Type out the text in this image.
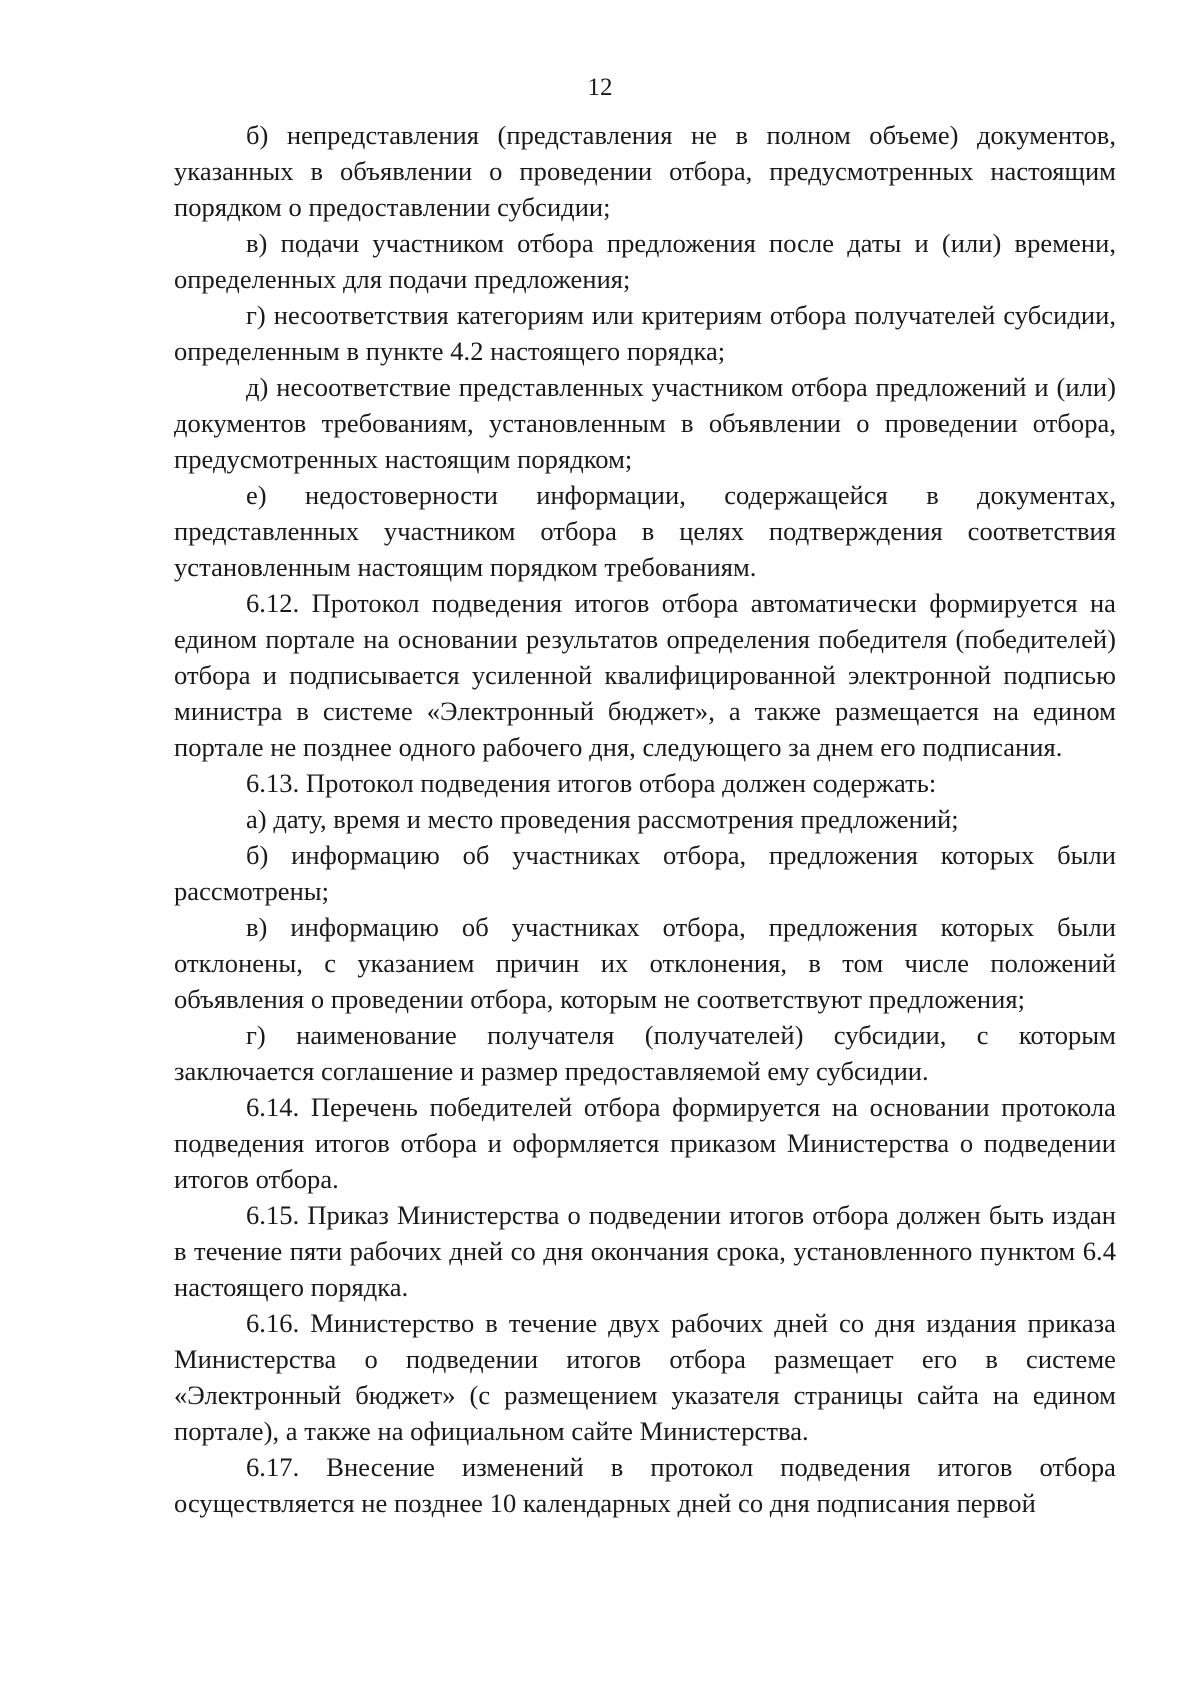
12

б) непредставления (представления не в полном объеме) документов, указанных в объявлении о проведении отбора, предусмотренных настоящим порядком о предоставлении субсидии;

в) подачи участником отбора предложения после даты и (или) времени, определенных для подачи предложения;

г) несоответствия категориям или критериям отбора получателей субсидии, определенным в пункте 4.2 настоящего порядка;

д) несоответствие представленных участником отбора предложений и (или) документов требованиям, установленным в объявлении о проведении отбора, предусмотренных настоящим порядком;

е) недостоверности информации, содержащейся в документах, представленных участником отбора в целях подтверждения соответствия установленным настоящим порядком требованиям.

6.12. Протокол подведения итогов отбора автоматически формируется на едином портале на основании результатов определения победителя (победителей) отбора и подписывается усиленной квалифицированной электронной подписью министра в системе «Электронный бюджет», а также размещается на едином портале не позднее одного рабочего дня, следующего за днем его подписания.

6.13. Протокол подведения итогов отбора должен содержать:

а) дату, время и место проведения рассмотрения предложений;

б) информацию об участниках отбора, предложения которых были рассмотрены;

в) информацию об участниках отбора, предложения которых были отклонены, с указанием причин их отклонения, в том числе положений объявления о проведении отбора, которым не соответствуют предложения;

г) наименование получателя (получателей) субсидии, с которым заключается соглашение и размер предоставляемой ему субсидии.

6.14. Перечень победителей отбора формируется на основании протокола подведения итогов отбора и оформляется приказом Министерства о подведении итогов отбора.

6.15. Приказ Министерства о подведении итогов отбора должен быть издан в течение пяти рабочих дней со дня окончания срока, установленного пунктом 6.4 настоящего порядка.

6.16. Министерство в течение двух рабочих дней со дня издания приказа Министерства о подведении итогов отбора размещает его в системе «Электронный бюджет» (с размещением указателя страницы сайта на едином портале), а также на официальном сайте Министерства.

6.17. Внесение изменений в протокол подведения итогов отбора осуществляется не позднее 10 календарных дней со дня подписания первой
